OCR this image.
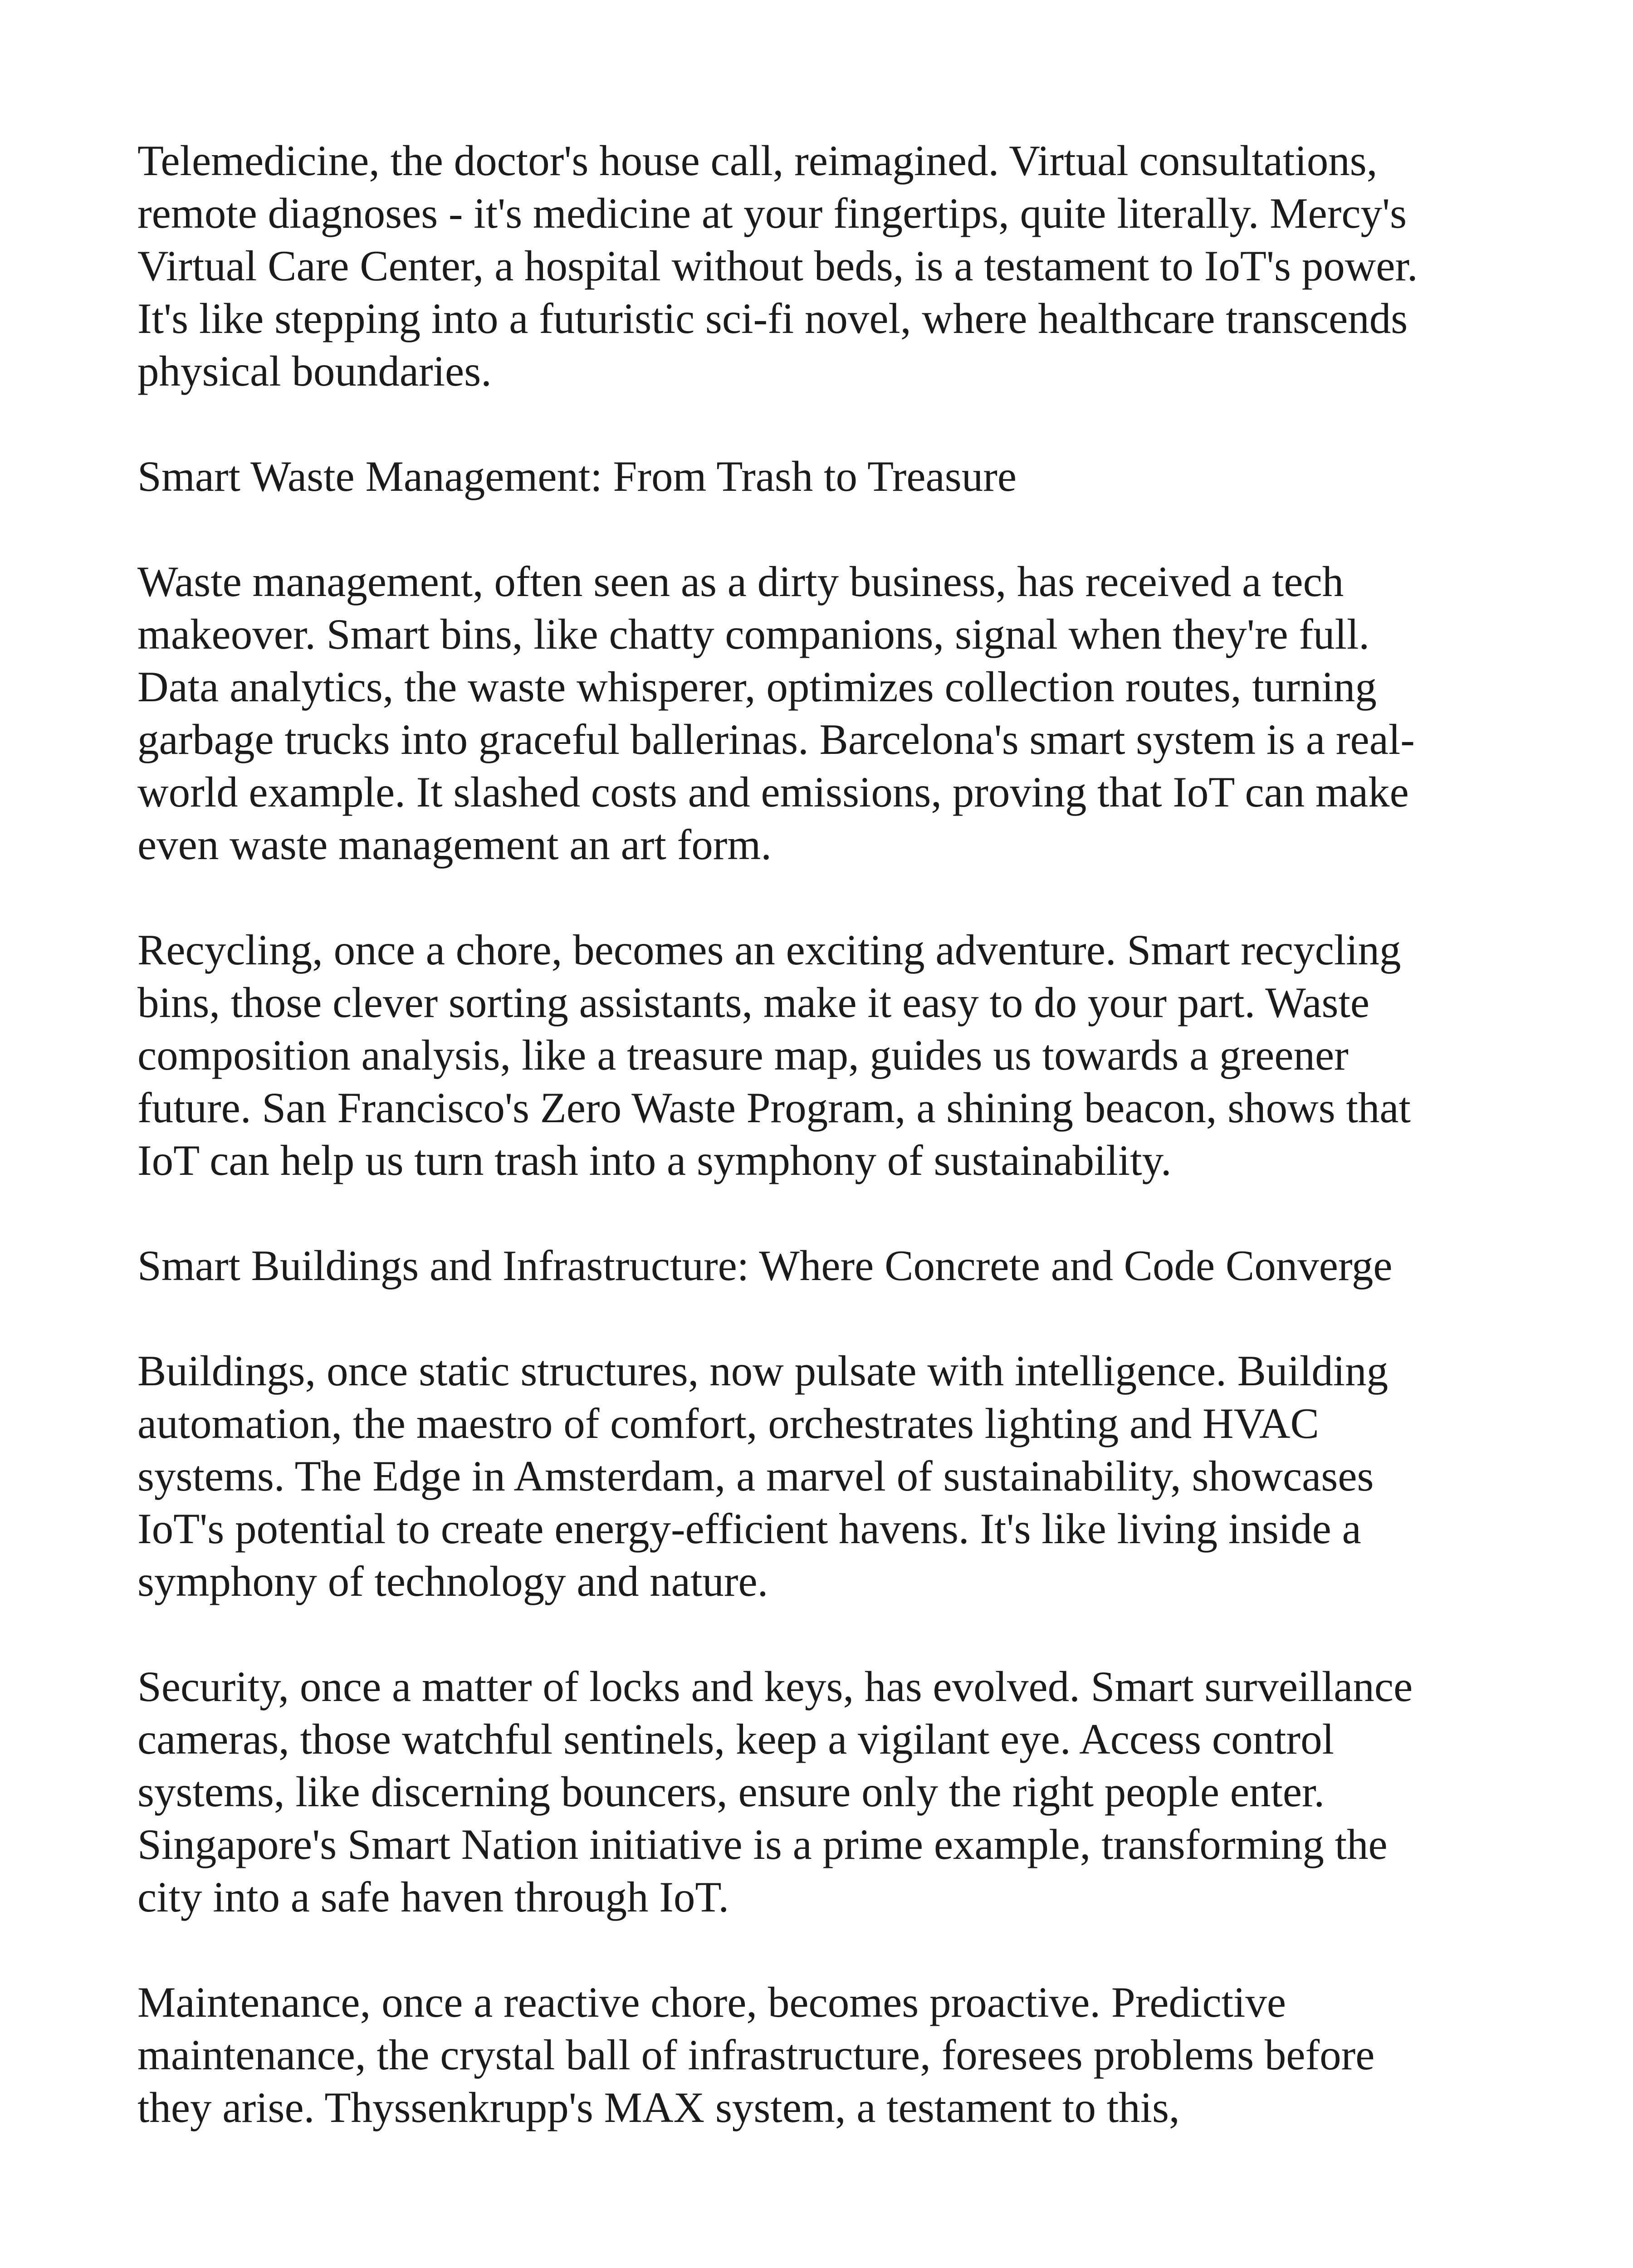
Telemedicine, the doctor's house call, reimagined. Virtual consultations, remote diagnoses - it's medicine at your fingertips, quite literally. Mercy's Virtual Care Center, a hospital without beds, is a testament to IoT's power. It's like stepping into a futuristic sci-fi novel, where healthcare transcends physical boundaries.

Smart Waste Management: From Trash to Treasure

Waste management, often seen as a dirty business, has received a tech makeover. Smart bins, like chatty companions, signal when they're full. Data analytics, the waste whisperer, optimizes collection routes, turning garbage trucks into graceful ballerinas. Barcelona's smart system is a real-world example. It slashed costs and emissions, proving that IoT can make even waste management an art form.

Recycling, once a chore, becomes an exciting adventure. Smart recycling bins, those clever sorting assistants, make it easy to do your part. Waste composition analysis, like a treasure map, guides us towards a greener future. San Francisco's Zero Waste Program, a shining beacon, shows that IoT can help us turn trash into a symphony of sustainability.

Smart Buildings and Infrastructure: Where Concrete and Code Converge

Buildings, once static structures, now pulsate with intelligence. Building automation, the maestro of comfort, orchestrates lighting and HVAC systems. The Edge in Amsterdam, a marvel of sustainability, showcases IoT's potential to create energy-efficient havens. It's like living inside a symphony of technology and nature.

Security, once a matter of locks and keys, has evolved. Smart surveillance cameras, those watchful sentinels, keep a vigilant eye. Access control systems, like discerning bouncers, ensure only the right people enter. Singapore's Smart Nation initiative is a prime example, transforming the city into a safe haven through IoT.

Maintenance, once a reactive chore, becomes proactive. Predictive maintenance, the crystal ball of infrastructure, foresees problems before they arise. Thyssenkrupp's MAX system, a testament to this,
